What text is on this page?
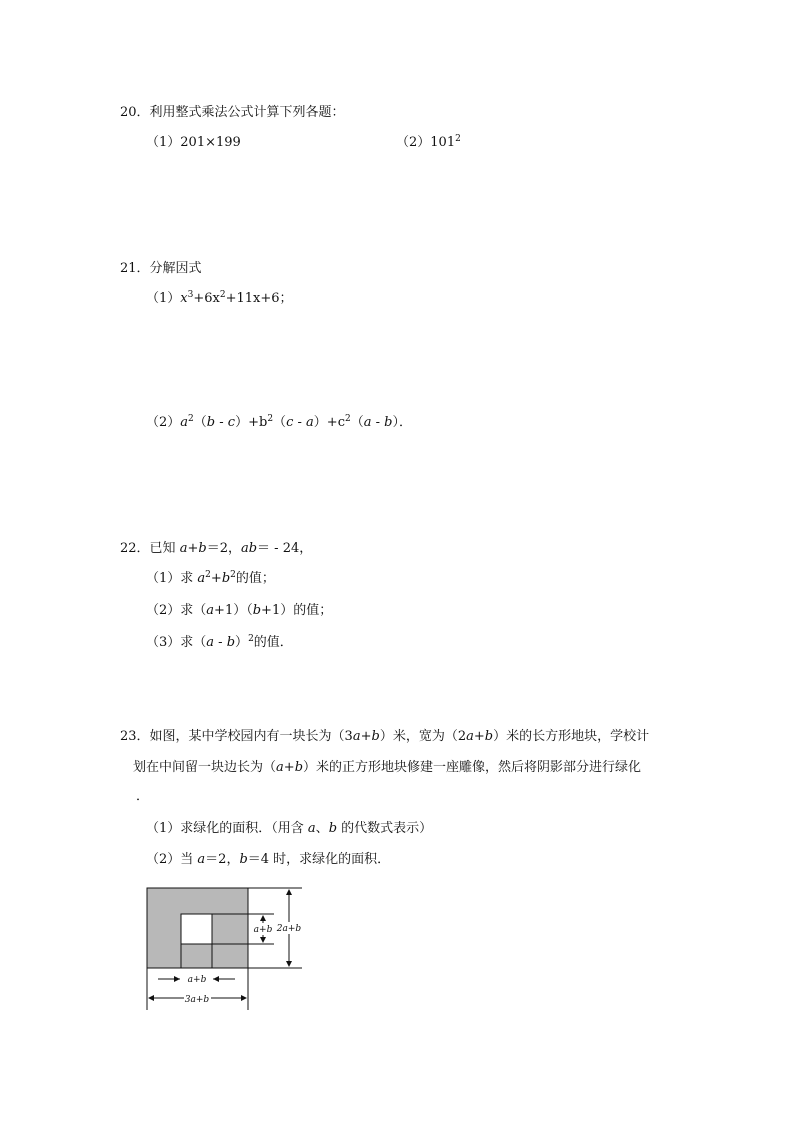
20．利用整式乘法公式计算下列各题：
（1）201×199	$(2)101^2$
21．分解因式
$(1)x^3+6x^2+11x+6$；
$(2)a^2(b - c)+b^2(c - a)+c^2(a - b)$．
22．已知 a+b＝2，ab＝ - 24，
（1）求 $a^2+b^2$的值；
（2）求（a+1）（b+1）的值；
（3）求（a - b）$^2$的值．
23．如图，某中学校园内有一块长为（3a+b）米，宽为（2a+b）米的长方形地块，学校计
划在中间留一块边长为（a+b）米的正方形地块修建一座雕像，然后将阴影部分进行绿化
．
（1）求绿化的面积．（用含 a、b 的代数式表示）
（2）当 a＝2，b＝4 时，求绿化的面积．
a+b 2a+b
a+b
3a+b
